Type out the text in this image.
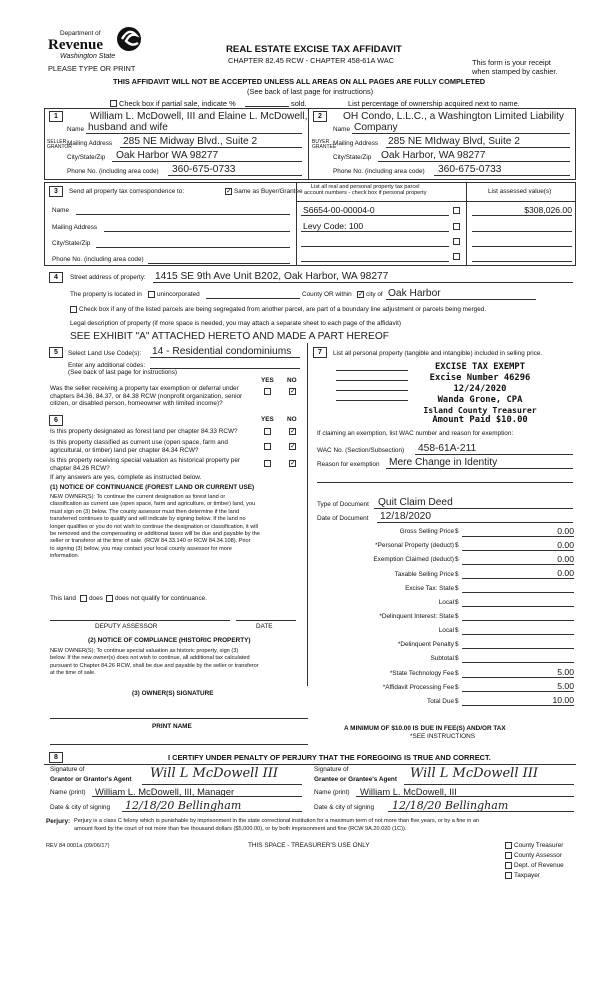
Department of
Revenue
Washington State
PLEASE TYPE OR PRINT
REAL ESTATE EXCISE TAX AFFIDAVIT
CHAPTER 82.45 RCW - CHAPTER 458-61A WAC	This form is your receipt
when stamped by cashier.
THIS AFFIDAVIT WILL NOT BE ACCEPTED UNLESS ALL AREAS ON ALL PAGES ARE FULLY COMPLETED
(See back of last page for instructions)
Check box if partial sale, indicate %	sold.	List percentage of ownership acquired next to name.
1
SELLER GRANTOR
William L. McDowell, III and Elaine L. McDowell,
Name husband and wife
Mailing Address 285 NE Midway Blvd., Suite 2
City/State/Zip Oak Harbor WA 98277
Phone No. (including area code) 360-675-0733
2
BUYER GRANTEE
OH Condo, L.L.C., a Washington Limited Liability
Name Company
Mailing Address 285 NE MIdway Blvd, Suite 2
City/State/Zip Oak Harbor, WA 98277
Phone No. (including area code) 360-675-0733
3	Send all property tax correspondence to:	✓ Same as Buyer/Grantee
List all real and personal property tax parcel
account numbers - check box if personal property	List assessed value(s)
Name
Mailing Address
City/State/Zip
Phone No. (including area code)
S6654-00-00004-0	$308,026.00
Levy Code: 100
4	Street address of property: 1415 SE 9th Ave Unit B202, Oak Harbor, WA 98277
The property is located in unincorporated	County OR within ✓ city of Oak Harbor
Check box if any of the listed parcels are being segregated from another parcel, are part of a boundary line adjustment or parcels being merged.
Legal description of property (if more space is needed, you may attach a separate sheet to each page of the affidavit)
SEE EXHIBIT "A" ATTACHED HERETO AND MADE A PART HEREOF
5	Select Land Use Code(s): 14 - Residential condominiums
Enter any additional codes:
(See back of last page for instructions)
YES NO
Was the seller receiving a property tax exemption or deferral under
chapters 84.36, 84.37, or 84.38 RCW (nonprofit organization, senior
citizen, or disabled person, homeowner with limited income)?
✓
6	YES NO
Is this property designated as forest land per chapter 84.33 RCW?	✓
Is this property classified as current use (open space, farm and
agricultural, or timber) land per chapter 84.34 RCW?
✓
Is this property receiving special valuation as historical property per
chapter 84.26 RCW?
✓
If any answers are yes, complete as instructed below.
(1) NOTICE OF CONTINUANCE (FOREST LAND OR CURRENT USE)
NEW OWNER(S): To continue the current designation as forest land or
classification as current use (open space, farm and agriculture, or timber) land, you
must sign on (3) below. The county assessor must then determine if the land
transferred continues to qualify and will indicate by signing below. If the land no
longer qualifies or you do not wish to continue the designation or classification, it will
be removed and the compensating or additional taxes will be due and payable by the
seller or transferor at the time of sale. (RCW 84.33.140 or RCW 84.34.108). Prior
to signing (3) below, you may contact your local county assessor for more
information.
This land does does not qualify for continuance.
DEPUTY ASSESSOR	DATE
(2) NOTICE OF COMPLIANCE (HISTORIC PROPERTY)
NEW OWNER(S): To continue special valuation as historic property, sign (3)
below. If the new owner(s) does not wish to continue, all additional tax calculated
pursuant to Chapter 84.26 RCW, shall be due and payable by the seller or transferor
at the time of sale.
(3) OWNER(S) SIGNATURE
PRINT NAME
7	List all personal property (tangible and intangible) included in selling price.
EXCISE TAX EXEMPT
Excise Number 46296
12/24/2020
Wanda Grone, CPA
Island County Treasurer
Amount Paid $10.00
If claiming an exemption, list WAC number and reason for exemption:
WAC No. (Section/Subsection) 458-61A-211
Reason for exemption Mere Change in Identity
Type of Document Quit Claim Deed
Date of Document 12/18/2020
Gross Selling Price $	0.00
*Personal Property (deduct) $	0.00
Exemption Claimed (deduct) $	0.00
Taxable Selling Price $	0.00
Excise Tax: State $
Local $
*Delinquent Interest: State $
Local $
*Delinquent Penalty $
Subtotal $
*State Technology Fee $	5.00
*Affidavit Processing Fee $	5.00
Total Due $	10.00
A MINIMUM OF $10.00 IS DUE IN FEE(S) AND/OR TAX
*SEE INSTRUCTIONS
8	I CERTIFY UNDER PENALTY OF PERJURY THAT THE FOREGOING IS TRUE AND CORRECT.
Signature of
Grantor or Grantor's Agent Will L McDowell III
Name (print) William L. McDowell, III, Manager
Date & city of signing 12/18/20 Bellingham
Signature of
Grantee or Grantee's Agent Will L McDowell III
Name (print) William L. McDowell, III
Date & city of signing 12/18/20 Bellingham
Perjury: Perjury is a class C felony which is punishable by imprisonment in the state correctional institution for a maximum term of not more than five years, or by a fine in an
amount fixed by the court of not more than five thousand dollars ($5,000.00), or by both imprisonment and fine (RCW 9A.20.020 (1C)).
REV 84 0001a (09/06/17)	THIS SPACE - TREASURER'S USE ONLY	County Treasurer
County Assessor
Dept. of Revenue
Taxpayer
